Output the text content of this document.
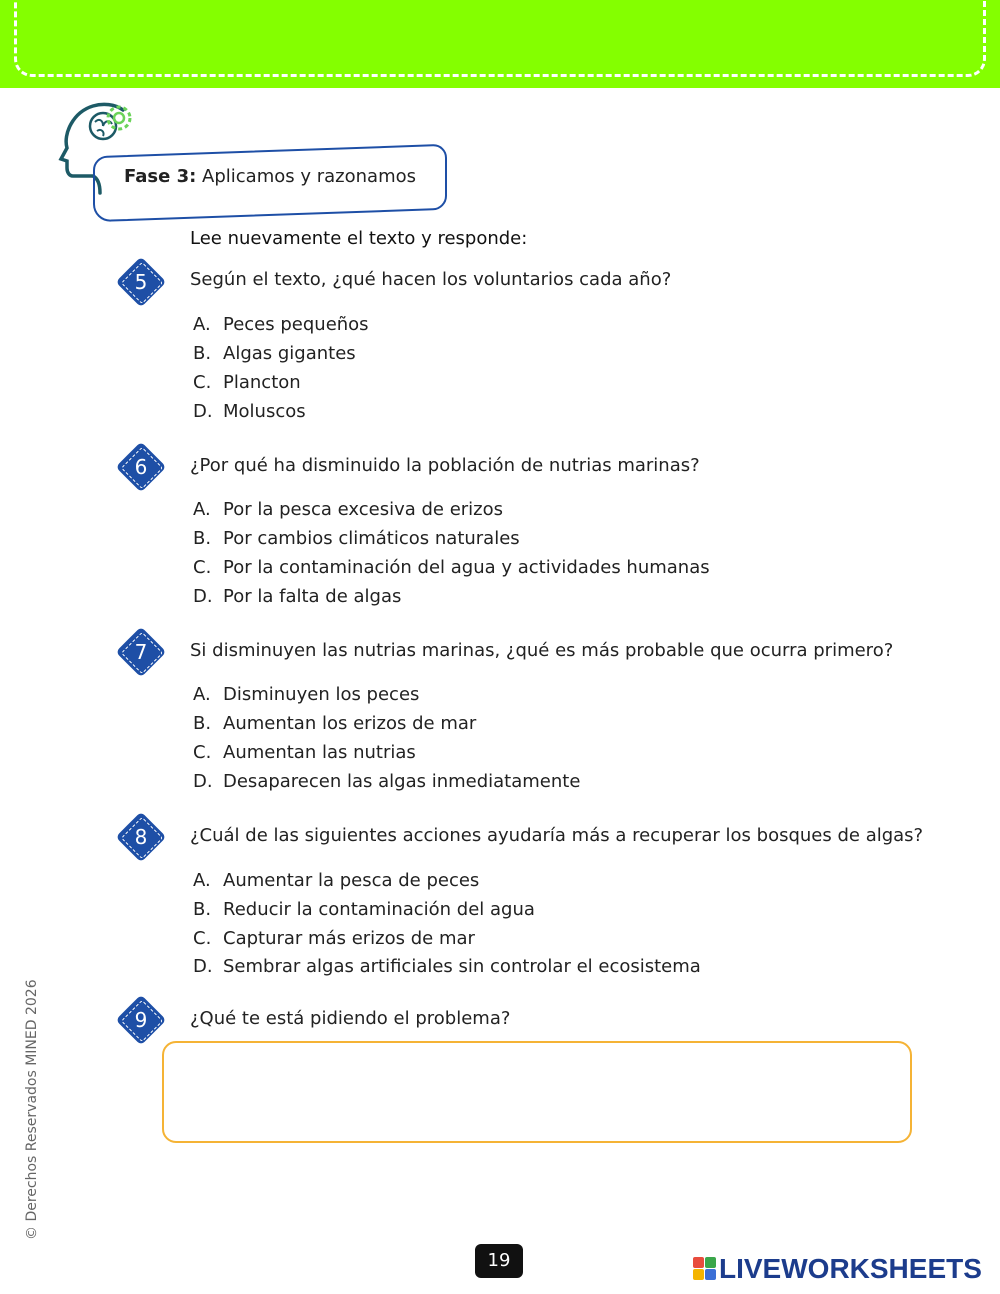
Fase 3: Aplicamos y razonamos
Lee nuevamente el texto y responde:
5	Según el texto, ¿qué hacen los voluntarios cada año?
A. Peces pequeños
B. Algas gigantes
C. Plancton
D. Moluscos
6	¿Por qué ha disminuido la población de nutrias marinas?
A. Por la pesca excesiva de erizos
B. Por cambios climáticos naturales
C. Por la contaminación del agua y actividades humanas
D. Por la falta de algas
7	Si disminuyen las nutrias marinas, ¿qué es más probable que ocurra primero?
A. Disminuyen los peces
B. Aumentan los erizos de mar
C. Aumentan las nutrias
D. Desaparecen las algas inmediatamente
8	¿Cuál de las siguientes acciones ayudaría más a recuperar los bosques de algas?
A. Aumentar la pesca de peces
B. Reducir la contaminación del agua
C. Capturar más erizos de mar
D. Sembrar algas artificiales sin controlar el ecosistema
9	¿Qué te está pidiendo el problema?
© Derechos Reservados MINED 2026
19	LIVEWORKSHEETS
